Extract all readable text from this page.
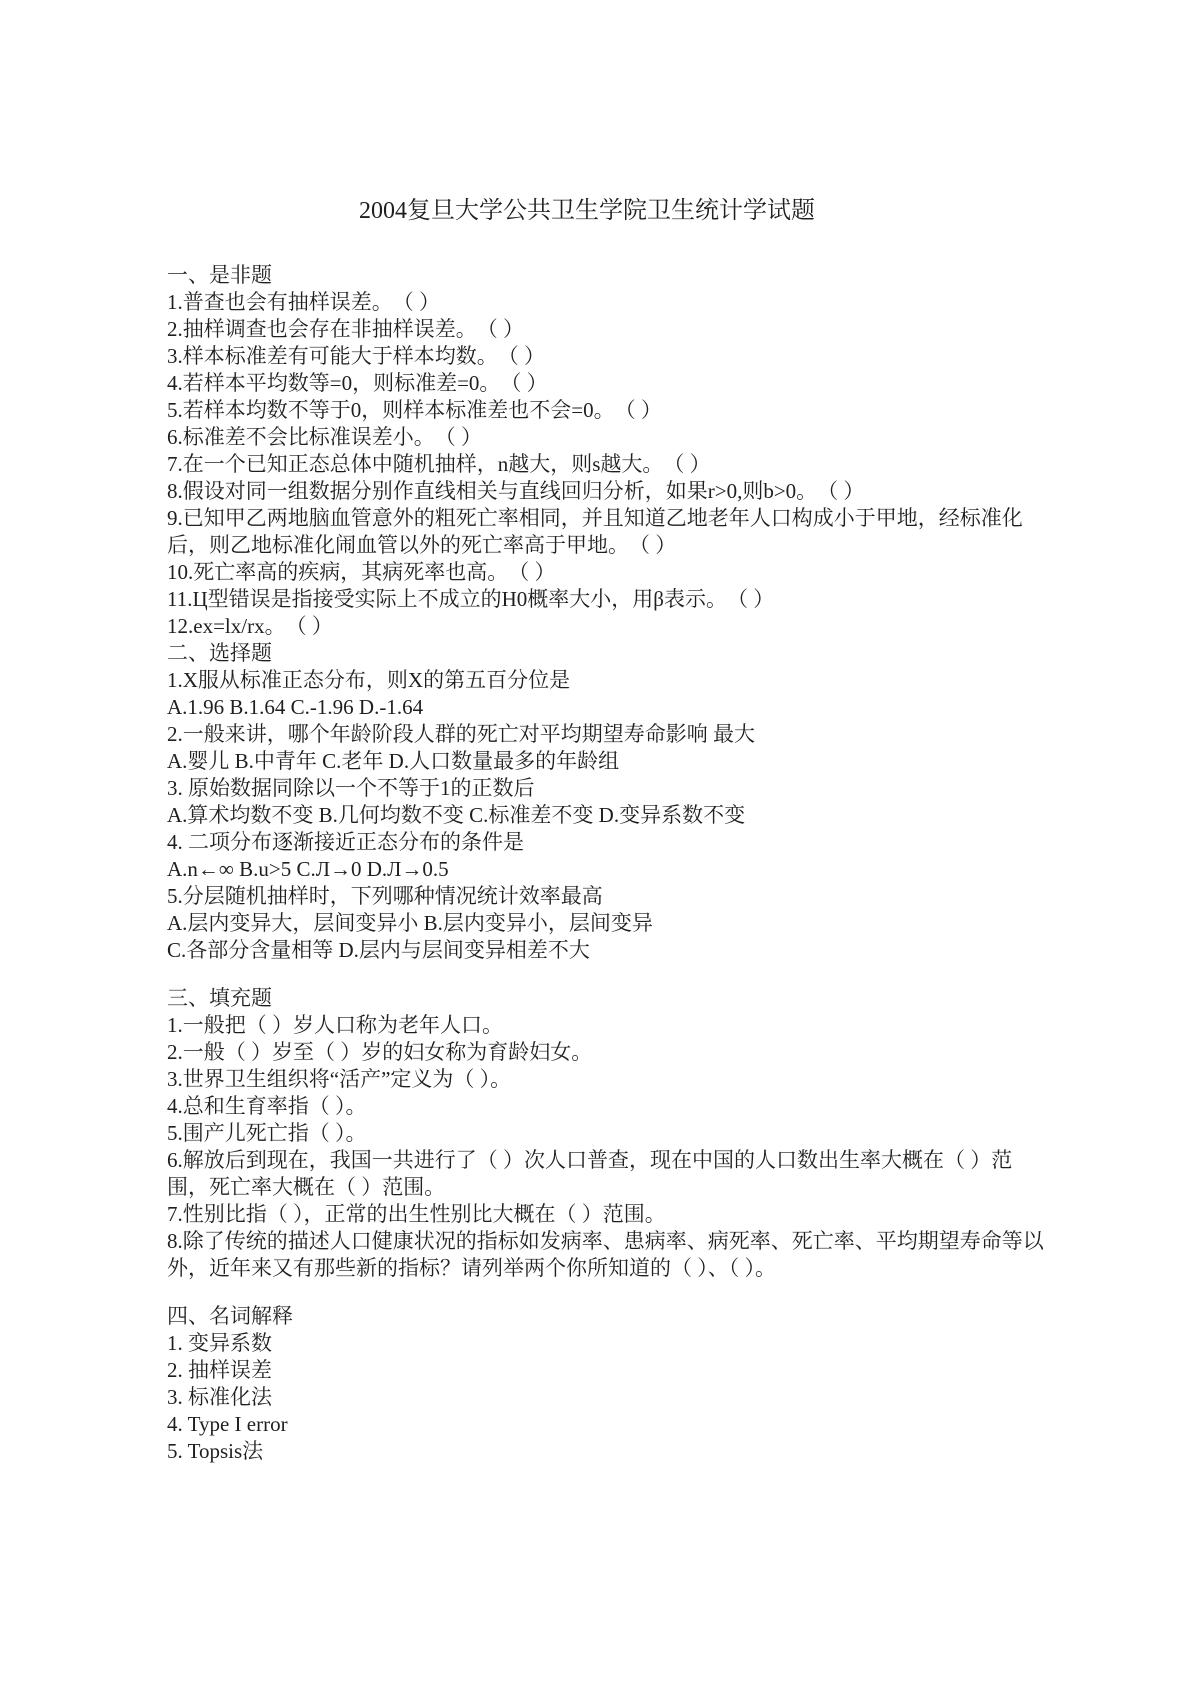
2004复旦大学公共卫生学院卫生统计学试题
一、是非题
1.普查也会有抽样误差。　（ ）
2.抽样调查也会存在非抽样误差。　（ ）
3.样本标准差有可能大于样本均数。　（ ）
4.若样本平均数等=0，则标准差=0。　（ ）
5.若样本均数不等于0，则样本标准差也不会=0。　（ ）
6.标准差不会比标准误差小。　（ ）
7.在一个已知正态总体中随机抽样，n越大，则s越大。　（ ）
8.假设对同一组数据分别作直线相关与直线回归分析，如果r>0,则b>0。　（ ）
9.已知甲乙两地脑血管意外的粗死亡率相同，并且知道乙地老年人口构成小于甲地，经标准化后，则乙地标准化闹血管以外的死亡率高于甲地。　（ ）
10.死亡率高的疾病，其病死率也高。　（ ）
11.Ц型错误是指接受实际上不成立的H0概率大小，用β表示。　（ ）
12.ex=lx/rx。　（ ）
二、选择题
1.X服从标准正态分布，则X的第五百分位是
A.1.96 B.1.64 C.-1.96 D.-1.64
2.一般来讲，哪个年龄阶段人群的死亡对平均期望寿命影响 最大
A.婴儿 B.中青年 C.老年 D.人口数量最多的年龄组
3. 原始数据同除以一个不等于1的正数后
A.算术均数不变 B.几何均数不变 C.标准差不变 D.变异系数不变
4. 二项分布逐渐接近正态分布的条件是
A.n←∞ B.u>5 C.Л→0 D.Л→0.5
5.分层随机抽样时，下列哪种情况统计效率最高
A.层内变异大，层间变异小 B.层内变异小，层间变异
C.各部分含量相等 D.层内与层间变异相差不大
三、填充题
1.一般把（ ）岁人口称为老年人口。
2.一般（ ）岁至（ ）岁的妇女称为育龄妇女。
3.世界卫生组织将“活产”定义为（ ）。
4.总和生育率指（ ）。
5.围产儿死亡指（ ）。
6.解放后到现在，我国一共进行了（ ）次人口普查，现在中国的人口数出生率大概在（ ）范围，死亡率大概在（ ）范围。
7.性别比指（ ），正常的出生性别比大概在（ ）范围。
8.除了传统的描述人口健康状况的指标如发病率、患病率、病死率、死亡率、平均期望寿命等以外，近年来又有那些新的指标？请列举两个你所知道的（ ）、（ ）。
四、名词解释
1. 变异系数
2. 抽样误差
3. 标准化法
4. Type I error
5. Topsis法
